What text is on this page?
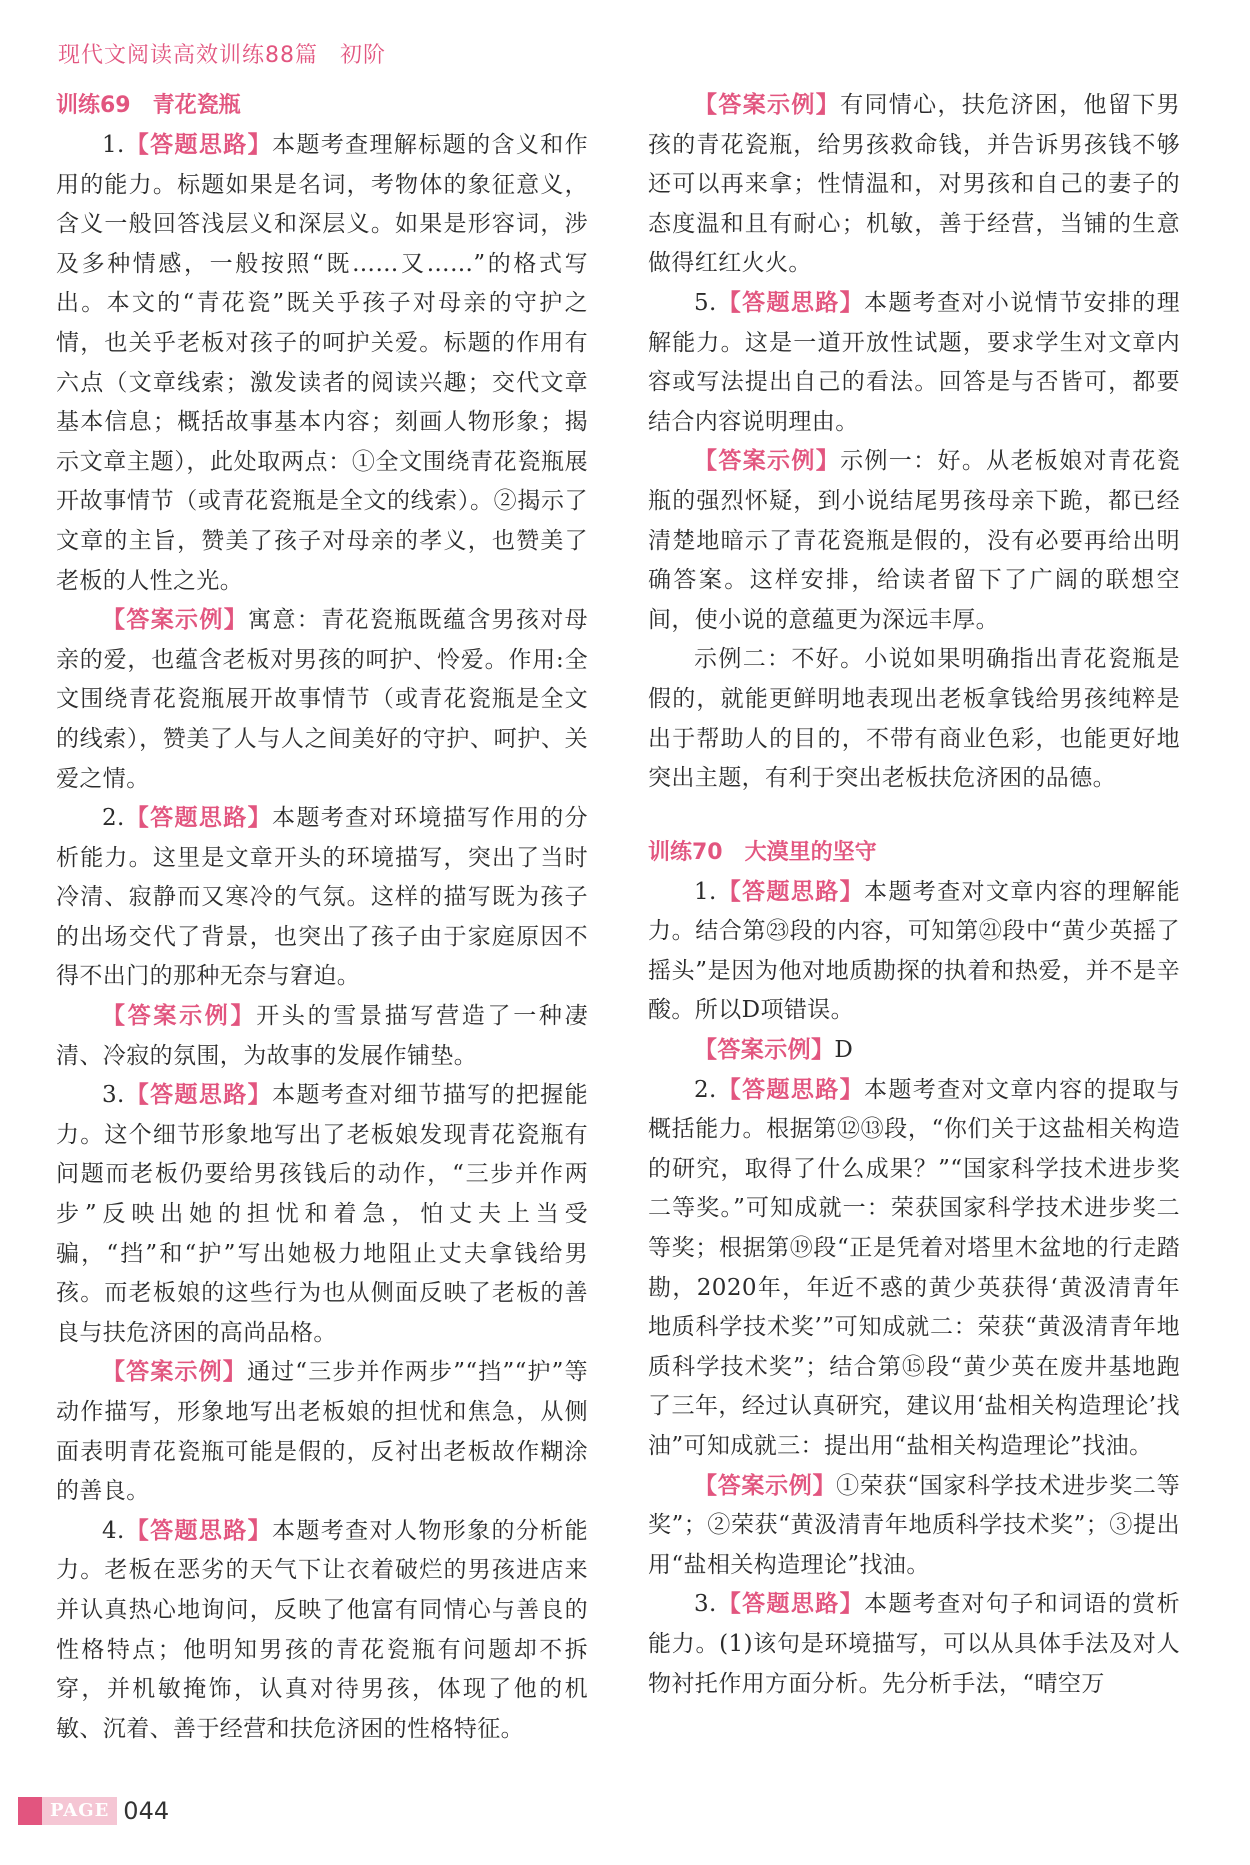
现代文阅读高效训练88篇 初阶
训练69　青花瓷瓶

1.【答题思路】本题考查理解标题的含义和作用的能力。标题如果是名词，考物体的象征意义，含义一般回答浅层义和深层义。如果是形容词，涉及多种情感，一般按照“既……又……”的格式写出。本文的“青花瓷”既关乎孩子对母亲的守护之情，也关乎老板对孩子的呵护关爱。标题的作用有六点（文章线索；激发读者的阅读兴趣；交代文章基本信息；概括故事基本内容；刻画人物形象；揭示文章主题），此处取两点：①全文围绕青花瓷瓶展开故事情节（或青花瓷瓶是全文的线索）。②揭示了文章的主旨，赞美了孩子对母亲的孝义，也赞美了老板的人性之光。

【答案示例】寓意：青花瓷瓶既蕴含男孩对母亲的爱，也蕴含老板对男孩的呵护、怜爱。作用:全文围绕青花瓷瓶展开故事情节（或青花瓷瓶是全文的线索），赞美了人与人之间美好的守护、呵护、关爱之情。

2.【答题思路】本题考查对环境描写作用的分析能力。这里是文章开头的环境描写，突出了当时冷清、寂静而又寒冷的气氛。这样的描写既为孩子的出场交代了背景，也突出了孩子由于家庭原因不得不出门的那种无奈与窘迫。

【答案示例】开头的雪景描写营造了一种凄清、冷寂的氛围，为故事的发展作铺垫。

3.【答题思路】本题考查对细节描写的把握能力。这个细节形象地写出了老板娘发现青花瓷瓶有问题而老板仍要给男孩钱后的动作，“三步并作两步”反映出她的担忧和着急，怕丈夫上当受骗，“挡”和“护”写出她极力地阻止丈夫拿钱给男孩。而老板娘的这些行为也从侧面反映了老板的善良与扶危济困的高尚品格。

【答案示例】通过“三步并作两步”“挡”“护”等动作描写，形象地写出老板娘的担忧和焦急，从侧面表明青花瓷瓶可能是假的，反衬出老板故作糊涂的善良。

4.【答题思路】本题考查对人物形象的分析能力。老板在恶劣的天气下让衣着破烂的男孩进店来并认真热心地询问，反映了他富有同情心与善良的性格特点；他明知男孩的青花瓷瓶有问题却不拆穿，并机敏掩饰，认真对待男孩，体现了他的机敏、沉着、善于经营和扶危济困的性格特征。

【答案示例】有同情心，扶危济困，他留下男孩的青花瓷瓶，给男孩救命钱，并告诉男孩钱不够还可以再来拿；性情温和，对男孩和自己的妻子的态度温和且有耐心；机敏，善于经营，当铺的生意做得红红火火。

5.【答题思路】本题考查对小说情节安排的理解能力。这是一道开放性试题，要求学生对文章内容或写法提出自己的看法。回答是与否皆可，都要结合内容说明理由。

【答案示例】示例一：好。从老板娘对青花瓷瓶的强烈怀疑，到小说结尾男孩母亲下跪，都已经清楚地暗示了青花瓷瓶是假的，没有必要再给出明确答案。这样安排，给读者留下了广阔的联想空间，使小说的意蕴更为深远丰厚。

示例二：不好。小说如果明确指出青花瓷瓶是假的，就能更鲜明地表现出老板拿钱给男孩纯粹是出于帮助人的目的，不带有商业色彩，也能更好地突出主题，有利于突出老板扶危济困的品德。

训练70　大漠里的坚守

1.【答题思路】本题考查对文章内容的理解能力。结合第㉓段的内容，可知第㉑段中“黄少英摇了摇头”是因为他对地质勘探的执着和热爱，并不是辛酸。所以D项错误。

【答案示例】D

2.【答题思路】本题考查对文章内容的提取与概括能力。根据第⑫⑬段，“你们关于这盐相关构造的研究，取得了什么成果？”“国家科学技术进步奖二等奖。”可知成就一：荣获国家科学技术进步奖二等奖；根据第⑲段“正是凭着对塔里木盆地的行走踏勘，2020年，年近不惑的黄少英获得‘黄汲清青年地质科学技术奖’”可知成就二：荣获“黄汲清青年地质科学技术奖”；结合第⑮段“黄少英在废井基地跑了三年，经过认真研究，建议用‘盐相关构造理论’找油”可知成就三：提出用“盐相关构造理论”找油。

【答案示例】①荣获“国家科学技术进步奖二等奖”；②荣获“黄汲清青年地质科学技术奖”；③提出用“盐相关构造理论”找油。

3.【答题思路】本题考查对句子和词语的赏析能力。(1)该句是环境描写，可以从具体手法及对人物衬托作用方面分析。先分析手法，“晴空万

PAGE 044
